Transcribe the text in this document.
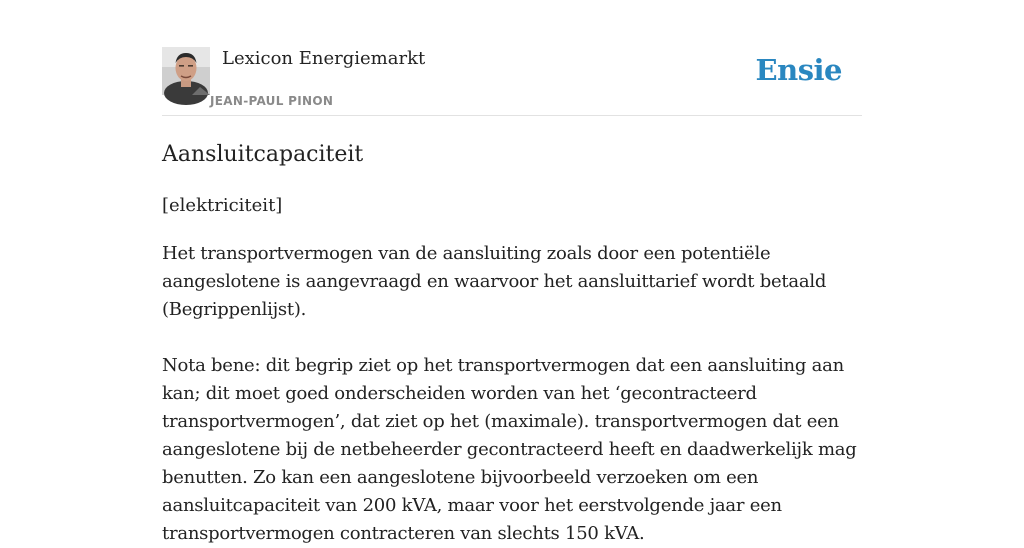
Lexicon Energiemarkt
JEAN-PAUL PINON
Ensie
Aansluitcapaciteit
[elektriciteit]

Het transportvermogen van de aansluiting zoals door een potentiële aangeslotene is aangevraagd en waarvoor het aansluittarief wordt betaald (Begrippenlijst).

Nota bene: dit begrip ziet op het transportvermogen dat een aansluiting aan kan; dit moet goed onderscheiden worden van het ‘gecontracteerd transportvermogen’, dat ziet op het (maximale). transportvermogen dat een aangeslotene bij de netbeheerder gecontracteerd heeft en daadwerkelijk mag benutten. Zo kan een aangeslotene bijvoorbeeld verzoeken om een aansluitcapaciteit van 200 kVA, maar voor het eerstvolgende jaar een transportvermogen contracteren van slechts 150 kVA.
